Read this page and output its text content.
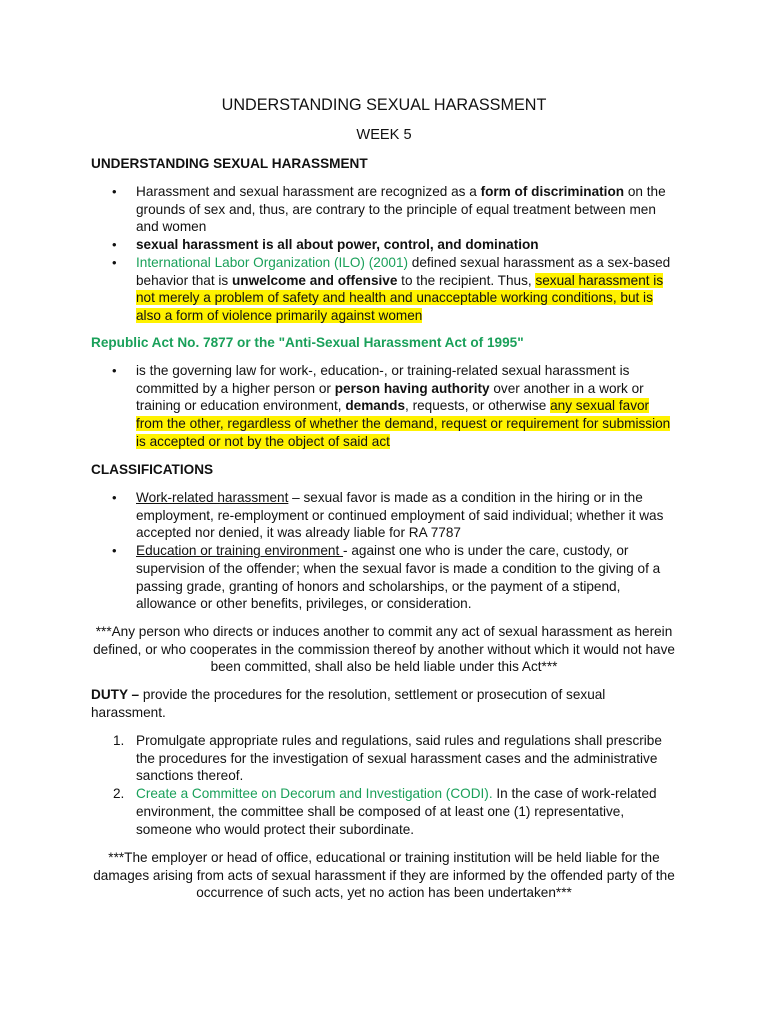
UNDERSTANDING SEXUAL HARASSMENT
WEEK 5
UNDERSTANDING SEXUAL HARASSMENT
• Harassment and sexual harassment are recognized as a form of discrimination on the grounds of sex and, thus, are contrary to the principle of equal treatment between men and women
• sexual harassment is all about power, control, and domination
• International Labor Organization (ILO) (2001) defined sexual harassment as a sex-based behavior that is unwelcome and offensive to the recipient. Thus, sexual harassment is not merely a problem of safety and health and unacceptable working conditions, but is also a form of violence primarily against women
Republic Act No. 7877 or the "Anti-Sexual Harassment Act of 1995"
• is the governing law for work-, education-, or training-related sexual harassment is committed by a higher person or person having authority over another in a work or training or education environment, demands, requests, or otherwise any sexual favor from the other, regardless of whether the demand, request or requirement for submission is accepted or not by the object of said act
CLASSIFICATIONS
• Work-related harassment – sexual favor is made as a condition in the hiring or in the employment, re-employment or continued employment of said individual; whether it was accepted nor denied, it was already liable for RA 7787
• Education or training environment - against one who is under the care, custody, or supervision of the offender; when the sexual favor is made a condition to the giving of a passing grade, granting of honors and scholarships, or the payment of a stipend, allowance or other benefits, privileges, or consideration.
***Any person who directs or induces another to commit any act of sexual harassment as herein defined, or who cooperates in the commission thereof by another without which it would not have been committed, shall also be held liable under this Act***
DUTY – provide the procedures for the resolution, settlement or prosecution of sexual harassment.
1. Promulgate appropriate rules and regulations, said rules and regulations shall prescribe the procedures for the investigation of sexual harassment cases and the administrative sanctions thereof.
2. Create a Committee on Decorum and Investigation (CODI). In the case of work-related environment, the committee shall be composed of at least one (1) representative, someone who would protect their subordinate.
***The employer or head of office, educational or training institution will be held liable for the damages arising from acts of sexual harassment if they are informed by the offended party of the occurrence of such acts, yet no action has been undertaken***
